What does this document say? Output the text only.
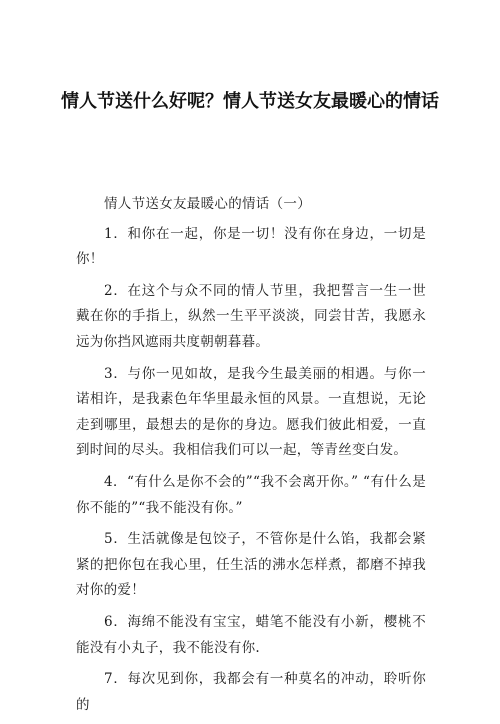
情人节送什么好呢？情人节送女友最暖心的情话

情人节送女友最暖心的情话（一）

1．和你在一起，你是一切！没有你在身边，一切是你！

2．在这个与众不同的情人节里，我把誓言一生一世戴在你的手指上，纵然一生平平淡淡，同尝甘苦，我愿永远为你挡风遮雨共度朝朝暮暮。

3．与你一见如故，是我今生最美丽的相遇。与你一诺相许，是我素色年华里最永恒的风景。一直想说，无论走到哪里，最想去的是你的身边。愿我们彼此相爱，一直到时间的尽头。我相信我们可以一起，等青丝变白发。

4．“有什么是你不会的”“我不会离开你。” “有什么是你不能的”“我不能没有你。”

5．生活就像是包饺子，不管你是什么馅，我都会紧紧的把你包在我心里，任生活的沸水怎样煮，都磨不掉我对你的爱！

6．海绵不能没有宝宝，蜡笔不能没有小新，樱桃不能没有小丸子，我不能没有你.

7．每次见到你，我都会有一种莫名的冲动，聆听你的
